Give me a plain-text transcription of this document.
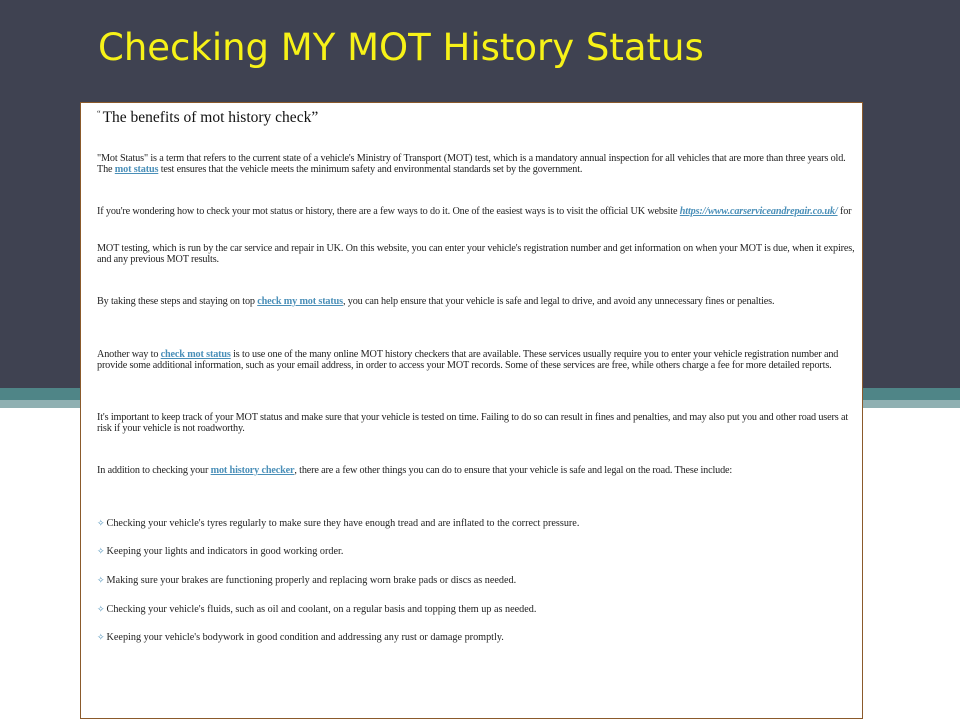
Checking MY MOT History Status
“ The benefits of mot history check”
"Mot Status" is a term that refers to the current state of a vehicle's Ministry of Transport (MOT) test, which is a mandatory annual inspection for all vehicles that are more than three years old. The mot status test ensures that the vehicle meets the minimum safety and environmental standards set by the government.
If you're wondering how to check your mot status or history, there are a few ways to do it. One of the easiest ways is to visit the official UK website https://www.carserviceandrepair.co.uk/ for
MOT testing, which is run by the car service and repair in UK. On this website, you can enter your vehicle's registration number and get information on when your MOT is due, when it expires, and any previous MOT results.
By taking these steps and staying on top check my mot status, you can help ensure that your vehicle is safe and legal to drive, and avoid any unnecessary fines or penalties.
Another way to check mot status is to use one of the many online MOT history checkers that are available. These services usually require you to enter your vehicle registration number and provide some additional information, such as your email address, in order to access your MOT records. Some of these services are free, while others charge a fee for more detailed reports.
It's important to keep track of your MOT status and make sure that your vehicle is tested on time. Failing to do so can result in fines and penalties, and may also put you and other road users at risk if your vehicle is not roadworthy.
In addition to checking your mot history checker, there are a few other things you can do to ensure that your vehicle is safe and legal on the road. These include:
✧ Checking your vehicle's tyres regularly to make sure they have enough tread and are inflated to the correct pressure.
✧ Keeping your lights and indicators in good working order.
✧ Making sure your brakes are functioning properly and replacing worn brake pads or discs as needed.
✧ Checking your vehicle's fluids, such as oil and coolant, on a regular basis and topping them up as needed.
✧ Keeping your vehicle's bodywork in good condition and addressing any rust or damage promptly.
